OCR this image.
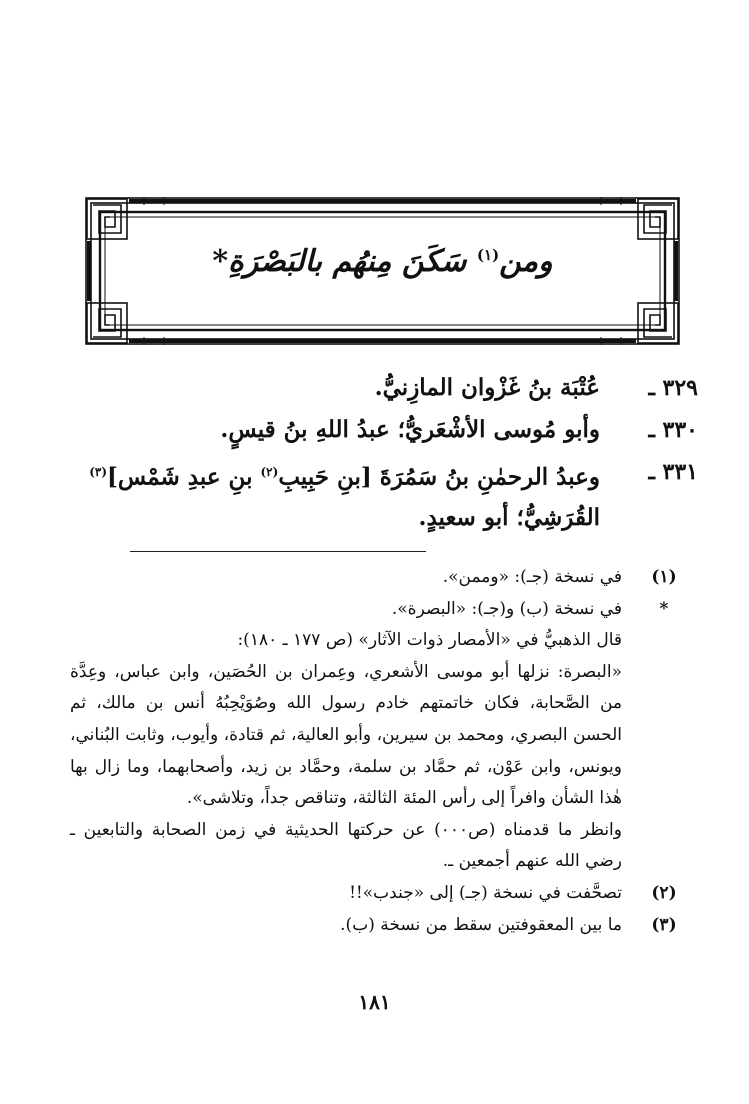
ومن$^{(١)}$ سَكَنَ مِنهُم بالبَصْرَةِ*
٣٢٩ ـ
عُتْبَة بنُ غَزْوان المازِنيُّ.
٣٣٠ ـ
وأبو مُوسى الأشْعَريُّ؛ عبدُ اللهِ بنُ قيسٍ.
٣٣١ ـ
وعبدُ الرحمٰنِ بنُ سَمُرَةَ [بنِ حَبِيبِ$^{(٢)}$ بنِ عبدِ شَمْس]$^{(٣)}$ القُرَشِيُّ؛ أبو سعيدٍ.
(١)
في نسخة (جـ): «وممن».
*

في نسخة (ب) و(جـ): «البصرة».

قال الذهبيُّ في «الأمصار ذوات الآثار» (ص ١٧٧ ـ ١٨٠):

«البصرة: نزلها أبو موسى الأشعري، وعِمران بن الحُصَين، وابن عباس، وعِدَّة من الصَّحابة، فكان خاتمتهم خادم رسول الله وصُوَيْحِبُهُ أنس بن مالك، ثم الحسن البصري، ومحمد بن سيرين، وأبو العالية، ثم قتادة، وأيوب، وثابت البُناني، ويونس، وابن عَوْن، ثم حمَّاد بن سلمة، وحمَّاد بن زيد، وأصحابهما، وما زال بها هٰذا الشأن وافراً إلى رأس المئة الثالثة، وتناقص جداً، وتلاشى».

وانظر ما قدمناه (ص٠٠٠) عن حركتها الحديثية في زمن الصحابة والتابعين ـ رضي الله عنهم أجمعين ـ.

(٢)
تصحَّفت في نسخة (جـ) إلى «جندب»!!
(٣)
ما بين المعقوفتين سقط من نسخة (ب).
١٨١
